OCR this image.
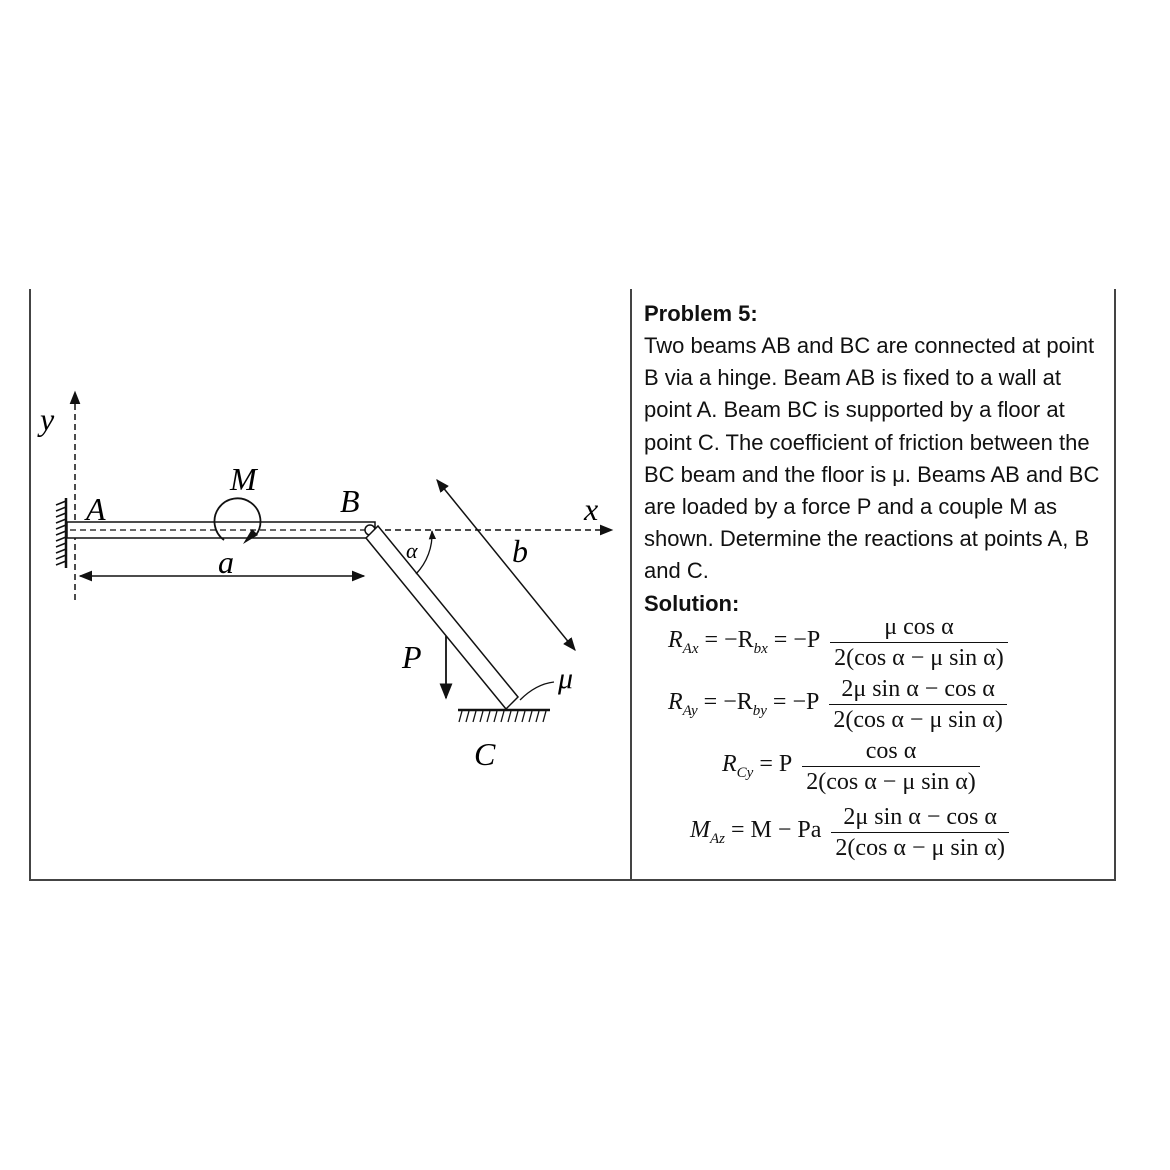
y
x
A	B
C
M
a	b
α
P
μ

Problem 5:

Two beams AB and BC are connected at point B via a hinge. Beam AB is fixed to a wall at point A. Beam BC is supported by a floor at point C. The coefficient of friction between the BC beam and the floor is μ. Beams AB and BC are loaded by a force P and a couple M as shown. Determine the reactions at points A, B and C.

Solution:

$R_{Ax} = -R_{bx} = -P \frac{\text{μ cos α}}{\text{2(cos α − μ sin α)}}$
$R_{Ay} = -R_{by} = -P \frac{\text{2μ sin α − cos α}}{\text{2(cos α − μ sin α)}}$
$R_{Cy} = P \frac{\text{cos α}}{\text{2(cos α − μ sin α)}}$
$M_{Az} = M - Pa \frac{\text{2μ sin α − cos α}}{\text{2(cos α − μ sin α)}}$
